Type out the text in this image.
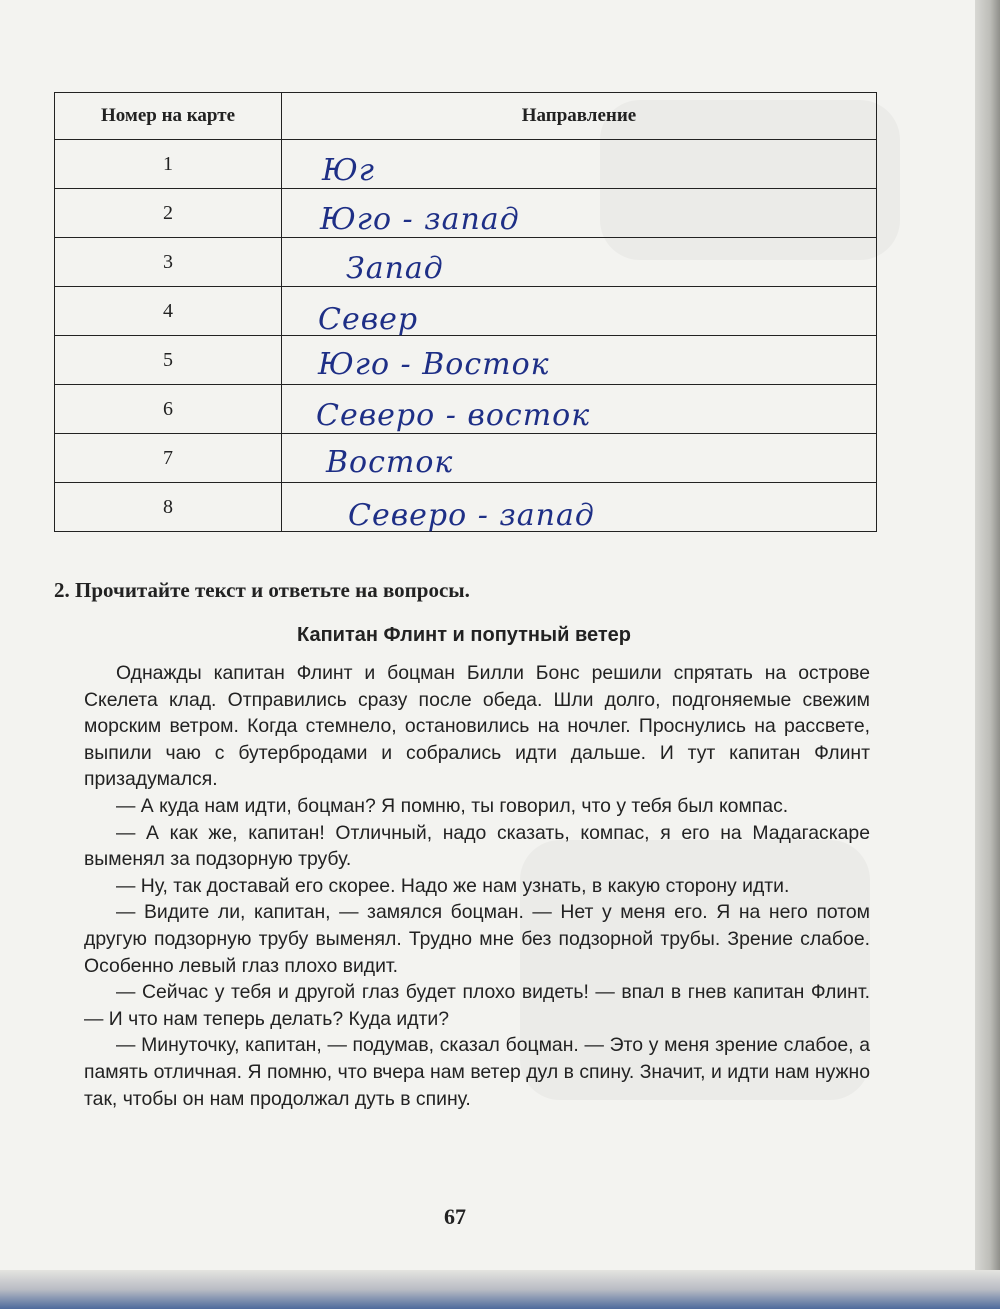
Номер на карте	Направление
1	Юг
2	Юго - запад
3	Запад
4	Север
5	Юго - Восток
6	Северо - восток
7	Восток
8	Северо - запад
2. Прочитайте текст и ответьте на вопросы.
Капитан Флинт и попутный ветер

Однажды капитан Флинт и боцман Билли Бонс решили спрятать на острове Скелета клад. Отправились сразу после обеда. Шли долго, подгоняемые свежим морским ветром. Когда стемнело, остановились на ночлег. Проснулись на рассвете, выпили чаю с бутербродами и собрались идти дальше. И тут капитан Флинт призадумался.

— А куда нам идти, боцман? Я помню, ты говорил, что у тебя был компас.

— А как же, капитан! Отличный, надо сказать, компас, я его на Мадагаскаре выменял за подзорную трубу.

— Ну, так доставай его скорее. Надо же нам узнать, в какую сторону идти.

— Видите ли, капитан, — замялся боцман. — Нет у меня его. Я на него потом другую подзорную трубу выменял. Трудно мне без подзорной трубы. Зрение слабое. Особенно левый глаз плохо видит.

— Сейчас у тебя и другой глаз будет плохо видеть! — впал в гнев капитан Флинт. — И что нам теперь делать? Куда идти?

— Минуточку, капитан, — подумав, сказал боцман. — Это у меня зрение слабое, а память отличная. Я помню, что вчера нам ветер дул в спину. Значит, и идти нам нужно так, чтобы он нам продолжал дуть в спину.

67
